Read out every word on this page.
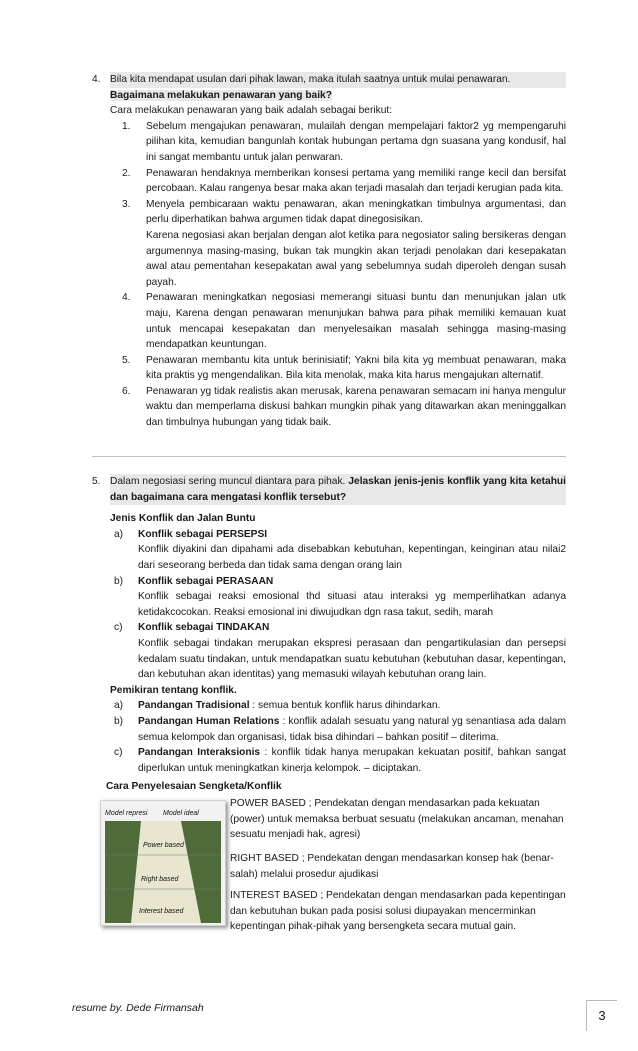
4. Bila kita mendapat usulan dari pihak lawan, maka itulah saatnya untuk mulai penawaran.
Bagaimana melakukan penawaran yang baik?
Cara melakukan penawaran yang baik adalah sebagai berikut:
1. Sebelum mengajukan penawaran, mulailah dengan mempelajari faktor2 yg mempengaruhi pilihan kita, kemudian bangunlah kontak hubungan pertama dgn suasana yang kondusif, hal ini sangat membantu untuk jalan penwaran.
2. Penawaran hendaknya memberikan konsesi pertama yang memiliki range kecil dan bersifat percobaan. Kalau rangenya besar maka akan terjadi masalah dan terjadi kerugian pada kita.
3. Menyela pembicaraan waktu penawaran, akan meningkatkan timbulnya argumentasi, dan perlu diperhatikan bahwa argumen tidak dapat dinegosisikan.
Karena negosiasi akan berjalan dengan alot ketika para negosiator saling bersikeras dengan argumennya masing-masing, bukan tak mungkin akan terjadi penolakan dari kesepakatan awal atau pementahan kesepakatan awal yang sebelumnya sudah diperoleh dengan susah payah.
4. Penawaran meningkatkan negosiasi memerangi situasi buntu dan menunjukan jalan utk maju, Karena dengan penawaran menunjukan bahwa para pihak memiliki kemauan kuat untuk mencapai kesepakatan dan menyelesaikan masalah sehingga masing-masing mendapatkan keuntungan.
5. Penawaran membantu kita untuk berinisiatif; Yakni bila kita yg membuat penawaran, maka kita praktis yg mengendalikan. Bila kita menolak, maka kita harus mengajukan alternatif.
6. Penawaran yg tidak realistis akan merusak, karena penawaran semacam ini hanya mengulur waktu dan memperlama diskusi bahkan mungkin pihak yang ditawarkan akan meninggalkan dan timbulnya hubungan yang tidak baik.
5. Dalam negosiasi sering muncul diantara para pihak. Jelaskan jenis-jenis konflik yang kita ketahui dan bagaimana cara mengatasi konflik tersebut?
Jenis Konflik dan Jalan Buntu
a) Konflik sebagai PERSEPSI
Konflik diyakini dan dipahami ada disebabkan kebutuhan, kepentingan, keinginan atau nilai2 dari seseorang berbeda dan tidak sama dengan orang lain
b) Konflik sebagai PERASAAN
Konflik sebagai reaksi emosional thd situasi atau interaksi yg memperlihatkan adanya ketidakcocokan. Reaksi emosional ini diwujudkan dgn rasa takut, sedih, marah
c) Konflik sebagai TINDAKAN
Konflik sebagai tindakan merupakan ekspresi perasaan dan pengartikulasian dan persepsi kedalam suatu tindakan, untuk mendapatkan suatu kebutuhan (kebutuhan dasar, kepentingan, dan kebutuhan akan identitas) yang memasuki wilayah kebutuhan orang lain.
Pemikiran tentang konflik.
a) Pandangan Tradisional : semua bentuk konflik harus dihindarkan.
b) Pandangan Human Relations : konflik adalah sesuatu yang natural yg senantiasa ada dalam semua kelompok dan organisasi, tidak bisa dihindari – bahkan positif – diterima.
c) Pandangan Interaksionis : konflik tidak hanya merupakan kekuatan positif, bahkan sangat diperlukan untuk meningkatkan kinerja kelompok. – diciptakan.
Cara Penyelesaian Sengketa/Konflik
Model represi Model ideal
Power based
Right based
Interest based
POWER BASED ; Pendekatan dengan mendasarkan pada kekuatan (power) untuk memaksa berbuat sesuatu (melakukan ancaman, menahan sesuatu menjadi hak, agresi)
RIGHT BASED ; Pendekatan dengan mendasarkan konsep hak (benar-salah) melalui prosedur ajudikasi
INTEREST BASED ; Pendekatan dengan mendasarkan pada kepentingan dan kebutuhan bukan pada posisi solusi diupayakan mencerminkan kepentingan pihak-pihak yang bersengketa secara mutual gain.
resume by. Dede Firmansah	3
